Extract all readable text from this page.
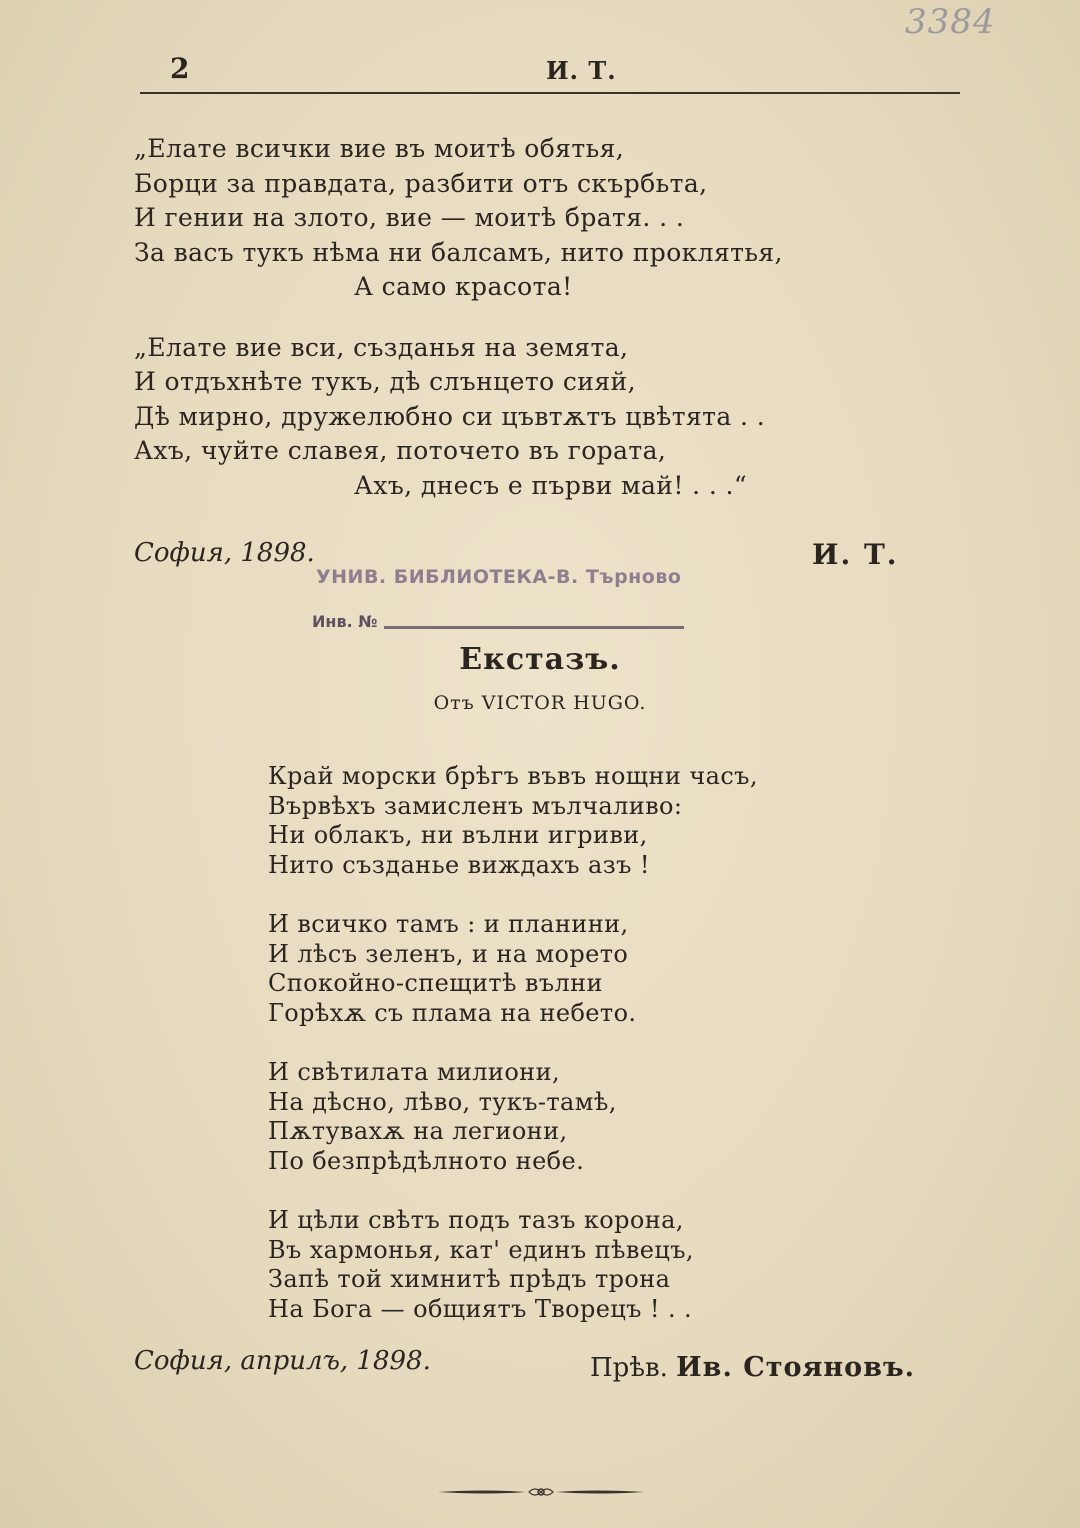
3384
2	И. Т.
„Елате всички вие въ моитѣ обятья,
Борци за правдата, разбити отъ скърбьта,
И гении на злото, вие — моитѣ братя. . .
За васъ тукъ нѣма ни балсамъ, нито проклятья,
А само красота!
„Елате вие вси, създанья на земята,
И отдъхнѣте тукъ, дѣ слънцето сияй,
Дѣ мирно, дружелюбно си цъвтѫтъ цвѣтята . .
Ахъ, чуйте славея, поточето въ гората,
Ахъ, днесъ е първи май! . . .“
София, 1898.	И. Т.
УНИВ. БИБЛИОТЕКА-В. Търново
Инв. №
Екстазъ.
Отъ VICTOR HUGO.
Край морски брѣгъ въвъ нощни часъ,
Вървѣхъ замисленъ мълчаливо:
Ни облакъ, ни вълни игриви,
Нито създанье виждахъ азъ !
И всичко тамъ : и планини,
И лѣсъ зеленъ, и на морето
Спокойно-спещитѣ вълни
Горѣхѫ съ плама на небето.
И свѣтилата милиони,
На дѣсно, лѣво, тукъ-тамѣ,
Пѫтувахѫ на легиони,
По безпрѣдѣлното небе.
И цѣли свѣтъ подъ тазъ корона,
Въ хармонья, кат' единъ пѣвецъ,
Запѣ той химнитѣ прѣдъ трона
На Бога — общиятъ Творецъ ! . .
София, априлъ, 1898.	Прѣв. Ив. Стояновъ.
